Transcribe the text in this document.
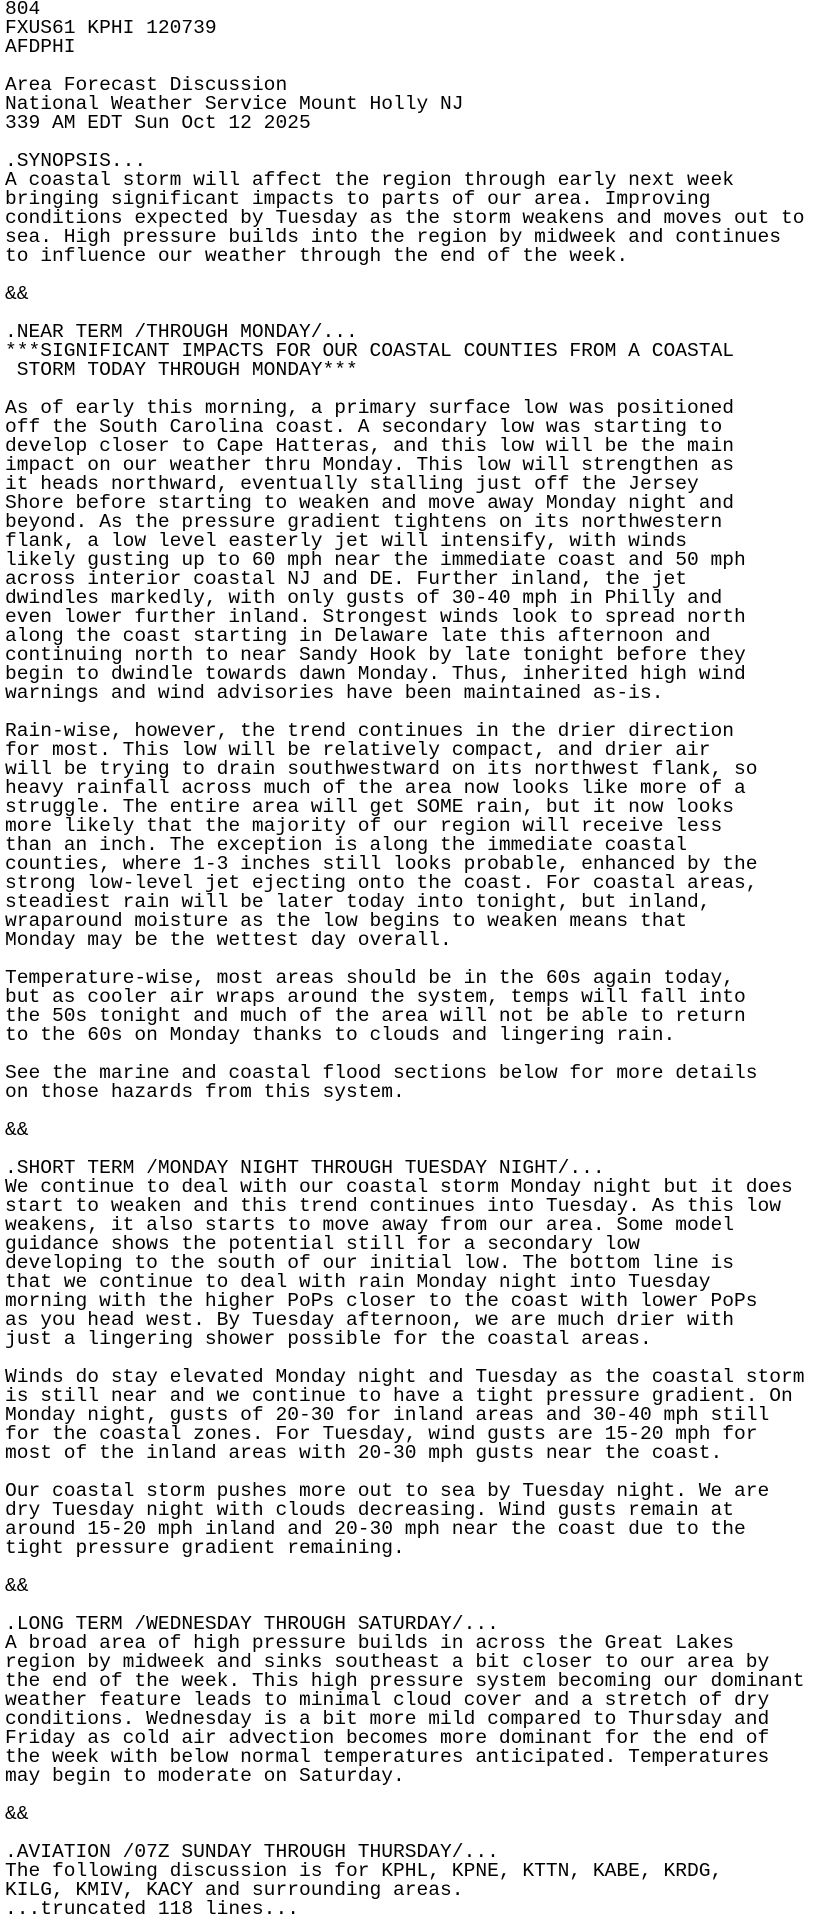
804
FXUS61 KPHI 120739
AFDPHI

Area Forecast Discussion
National Weather Service Mount Holly NJ
339 AM EDT Sun Oct 12 2025

.SYNOPSIS...
A coastal storm will affect the region through early next week
bringing significant impacts to parts of our area. Improving
conditions expected by Tuesday as the storm weakens and moves out to
sea. High pressure builds into the region by midweek and continues
to influence our weather through the end of the week.

&&

.NEAR TERM /THROUGH MONDAY/...
***SIGNIFICANT IMPACTS FOR OUR COASTAL COUNTIES FROM A COASTAL
STORM TODAY THROUGH MONDAY***

As of early this morning, a primary surface low was positioned
off the South Carolina coast. A secondary low was starting to
develop closer to Cape Hatteras, and this low will be the main
impact on our weather thru Monday. This low will strengthen as
it heads northward, eventually stalling just off the Jersey
Shore before starting to weaken and move away Monday night and
beyond. As the pressure gradient tightens on its northwestern
flank, a low level easterly jet will intensify, with winds
likely gusting up to 60 mph near the immediate coast and 50 mph
across interior coastal NJ and DE. Further inland, the jet
dwindles markedly, with only gusts of 30-40 mph in Philly and
even lower further inland. Strongest winds look to spread north
along the coast starting in Delaware late this afternoon and
continuing north to near Sandy Hook by late tonight before they
begin to dwindle towards dawn Monday. Thus, inherited high wind
warnings and wind advisories have been maintained as-is.

Rain-wise, however, the trend continues in the drier direction
for most. This low will be relatively compact, and drier air
will be trying to drain southwestward on its northwest flank, so
heavy rainfall across much of the area now looks like more of a
struggle. The entire area will get SOME rain, but it now looks
more likely that the majority of our region will receive less
than an inch. The exception is along the immediate coastal
counties, where 1-3 inches still looks probable, enhanced by the
strong low-level jet ejecting onto the coast. For coastal areas,
steadiest rain will be later today into tonight, but inland,
wraparound moisture as the low begins to weaken means that
Monday may be the wettest day overall.

Temperature-wise, most areas should be in the 60s again today,
but as cooler air wraps around the system, temps will fall into
the 50s tonight and much of the area will not be able to return
to the 60s on Monday thanks to clouds and lingering rain.

See the marine and coastal flood sections below for more details
on those hazards from this system.

&&

.SHORT TERM /MONDAY NIGHT THROUGH TUESDAY NIGHT/...
We continue to deal with our coastal storm Monday night but it does
start to weaken and this trend continues into Tuesday. As this low
weakens, it also starts to move away from our area. Some model
guidance shows the potential still for a secondary low
developing to the south of our initial low. The bottom line is
that we continue to deal with rain Monday night into Tuesday
morning with the higher PoPs closer to the coast with lower PoPs
as you head west. By Tuesday afternoon, we are much drier with
just a lingering shower possible for the coastal areas.

Winds do stay elevated Monday night and Tuesday as the coastal storm
is still near and we continue to have a tight pressure gradient. On
Monday night, gusts of 20-30 for inland areas and 30-40 mph still
for the coastal zones. For Tuesday, wind gusts are 15-20 mph for
most of the inland areas with 20-30 mph gusts near the coast.

Our coastal storm pushes more out to sea by Tuesday night. We are
dry Tuesday night with clouds decreasing. Wind gusts remain at
around 15-20 mph inland and 20-30 mph near the coast due to the
tight pressure gradient remaining.

&&

.LONG TERM /WEDNESDAY THROUGH SATURDAY/...
A broad area of high pressure builds in across the Great Lakes
region by midweek and sinks southeast a bit closer to our area by
the end of the week. This high pressure system becoming our dominant
weather feature leads to minimal cloud cover and a stretch of dry
conditions. Wednesday is a bit more mild compared to Thursday and
Friday as cold air advection becomes more dominant for the end of
the week with below normal temperatures anticipated. Temperatures
may begin to moderate on Saturday.

&&

.AVIATION /07Z SUNDAY THROUGH THURSDAY/...
The following discussion is for KPHL, KPNE, KTTN, KABE, KRDG,
KILG, KMIV, KACY and surrounding areas.
...truncated 118 lines...
